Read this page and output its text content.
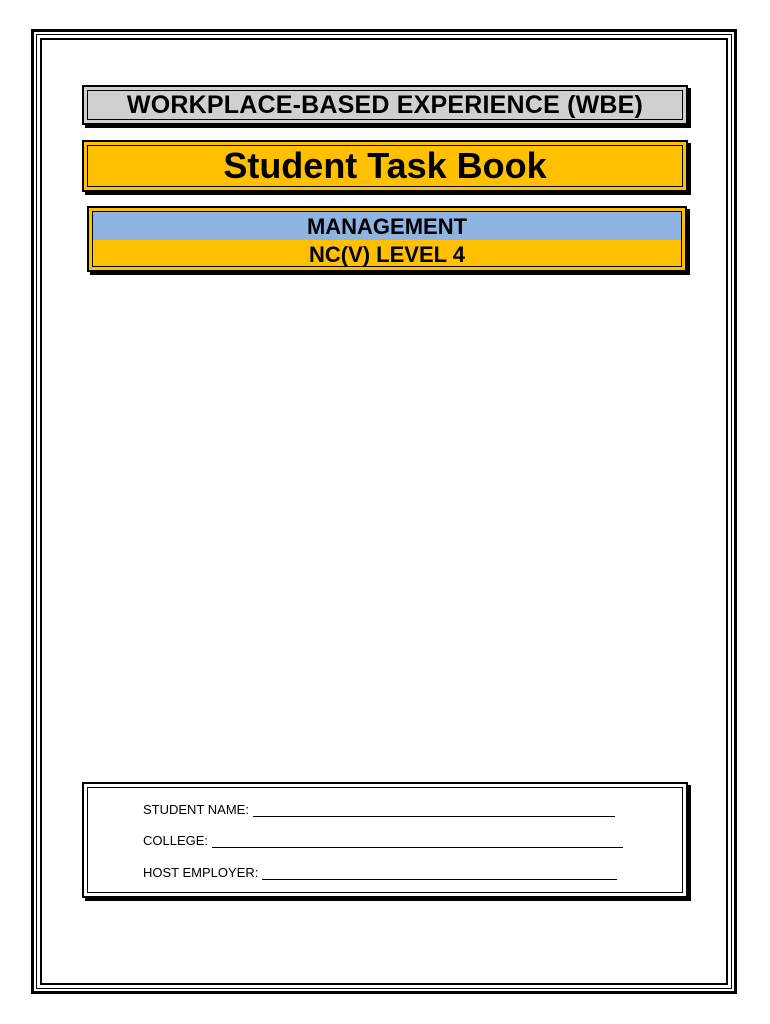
WORKPLACE-BASED EXPERIENCE (WBE)
Student Task Book
MANAGEMENT
NC(V) LEVEL 4
STUDENT NAME:
COLLEGE:
HOST EMPLOYER:
